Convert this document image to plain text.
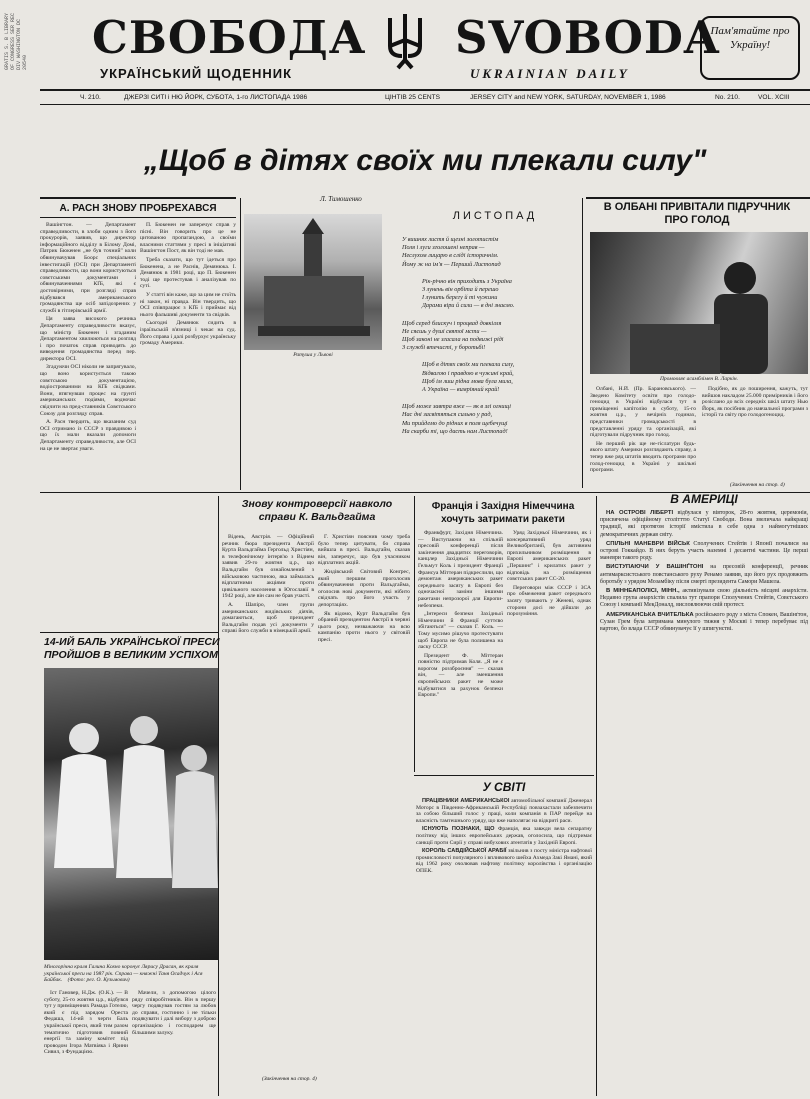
GRATIS S. B LIBRARY OF CONGRESS SER REC DIV WASHINGTON DC 20540	СВОБОДА SVOBODA
УКРАЇНСЬКИЙ ЩОДЕННИК	UKRAINIAN DAILY
Пам'ятайте про Україну!
Ч. 210.	ДЖЕРЗІ СИТІ і НЮ ЙОРК, СУБОТА, 1-го ЛИСТОПАДА 1986	ЦІНТІВ 25 CENTS	JERSEY CITY and NEW YORK, SATURDAY, NOVEMBER 1, 1986	No. 210.	VOL. XCIII
„Щоб в дітях своїх ми плекали силу"
А. РАСН ЗНОВУ ПРОБРЕХАВСЯ

Вашінгтон. — Департамент справедливости, в злоби одним з його прокурорів, заявив, що директор інформаційного відділу в Білому Домі, Патрик Бюкенен „не був точний" коли обвинувачував Боорс спеціальних інвестигацій (ОСІ) при Департаменті справедливости, що вони користуються совєтськими документами і обвинуваченнями КҐБ, які є достовірними, при розгляді справ відбувався американського громадянства ще осіб запідозрених у службі в гітлерівській армії.

Ця заява високого речника Департаменту справедливости вказує, що міністр Бюкенен і згаданим Департаментом хвилюються на розгляд і про початок справ приводять до виведення громадянства перед пер. директора ОСІ.

Згадуючи ОСІ ніколи не запрягувало, що воно користується такою совєтською документацією, водіострованими на КҐБ свідками. Вони, втягнувши процес на грунті американських подіями, водночас свідчити на пред-ставників Совєтського Союзу для розгляду справ.

А. Расн твердить, що вказаним суд ОСІ отримано із СССР з правдивою і що їх мали вказали допомоги Департаменту справедливости, але ОСІ на це не звертає уваги.

П. Бюкенен не заперечує справ у пісні. Він говорить про це не цитованою пропагандою, а своїми власними статтями у пресі в ініціативі Вашінгтон Пост, як він тоді не мав.

Треба сказати, що тут ідеться про Бюкенена, а не Раснів, Демянюка. І. Демянюк в 1981 році, що П. Бюкенен тоді ще протестував і аналізував по суті.

У статті він каже, що за цим не стоїть ні закон, ні правда. Він твердить, що ОСІ співпрацює з КҐБ і приймає від нього фальшиві документи та свідків.

Сьогодні Демянюк сидить в ізраїльській в'язниці і чекає на суд. Його справа і далі розбурхує українську громаду Америки.

Л. Тимошенко
ЛИСТОПАД
Ратуша у Львові
У вишнях листя й щезні золотистім
Поля і луги зголошені неправ —
Неслухом лицарю в сліді історичнім.
Йому ж на ім'я — Перший Листопад
Рік-річно він приходить з Україна
З лунень він орбіта й перешо
І лунить берегу й ті чужини
Дарами віри й сили — в дні знаємо.
Щоб серед блискуч і процвад довкілля
Не сяєшь у душі святої мсти —
Щоб законі не згасала на подвижі ріді
З службі втечисті, у боротьбі!
Щоб в дітях своїх ми плекали силу,
Відвагою і правдою в чужині край,
Щоб ім лиш рідна мова була мила,
А Україна — вимріяний край!
Щоб може завтра вже — як в злі огнищі
Нас дні засвітяться сильно у рад,
Ми прийдемо до рідних в поля щебечущі
На скарби ті, що дасть нам Листопад!
В ОЛБАНІ ПРИВІТАЛИ ПІДРУЧНИК ПРО ГОЛОД
Промовляє асамблімен В. Ларкін.

Олбані, Н.Й. (Пр. Барановського). — Зведено Комітету освіти про голодо-геноцид в Україні відбулася тут в приміщенні капітолію в суботу, 15-го жовтня ц.р., у вечірніх годинах, представники громадськості в представленні уряду та організацій, які підготували підручник про голод.

Не перший рік ще не-гіслатури будь-якого штату Америки розглядають справу, а тепер вже ряд штатів вводить програми про голод-геноцид в Україні у шкільні програми.

Подібно, як до поширення, кажуть, тут вийшов накладом 25.000 примірників і його розіслано до всіх середніх шкіл штату Нью Йорк, як посібник до навчальної програми з історії та світу про голодогеноцид.

(Закінчення на стор. 4)
Знову контроверсії навколо справи К. Вальдгайма

Відень, Австрія. — Офіційний речник бюра президента Австрії Курта Вальдгайма Гергольд Христіян, в телефонічному інтерв'ю з Віднем заявив 29-го жовтня ц.р., що Вальдгайм був ознайомлений з військовою частиною, яка займалась відплатними акціями проти цивільного населення в Югославії в 1942 році, але він сам не брав участі.

А. Шапіро, член групи американських жидівських діячів, домагаються, щоб президент Вальдгайм подав усі документи у справі його служби в німецькій армії.

Г. Христіян пояснив чому треба було тепер цитувати, бо справа вийшла в пресі. Вальдгайм, сказав він, заперечує, що був учасником відплатних акцій.

Жидівський Світовий Конґрес, який першим проголосив обвинувачення проти Вальдгайма, оголосив нові документи, які нібито свідчать про його участь у депортаціях.

Як відомо, Курт Вальдгайм був обраний президентом Австрії в червні цього року, незважаючи на всю кампанію проти нього у світовій пресі.

Франція і Західня Німеччина хочуть затримати ракети

Франкфурт, Західня Німеччина. — Виступаючи на спільній пресовій конференції після закінчення двадцятих переговорів, канцлер Західньої Німеччини Гельмут Коль і президент Франції Франсуа Міттеран підкреслили, що демонтаж американських ракет середнього засягу в Европі без одночасної заміни іншими ракетами непрозорої для Европи-небезпеки.

„Інтереси безпеки Західньої Німеччини й Франції суттєво збігаються" — сказав Г. Коль. — Тому мусимо рішучо протестувати щоб Европа не була полишена на ласку СССР.

Президент Ф. Міттеран повністю підтримав Коля. „Я не є ворогом роззброєння" — сказав він, — але зменшення європейських ракет не може відбуватися за рахунок безпеки Европи."

Уряд Західньої Німеччини, як і консервативний уряд Великобританії, був активним прихильником розміщення в Европі американських ракет „Першинґ" і крилатих ракет у відповідь на розміщення совєтських ракет СС-20.

Переговори між СССР і ЗСА про обмеження ракет середнього засягу тривають у Женеві, однак сторони досі не дійшли до порозуміння.

14-ИЙ БАЛЬ УКРАЇНСЬКОЇ ПРЕСИ ПРОЙШОВ В ВЕЛИКИМ УСПІХОМ
Міногорічна краля Галина Кохно коронує Лярису Драсан, як краля української преси на 1987 рік. Справа — княжні Таня Осадчук і Ася Байбак. (Фото: рег. О. Кузьмович)

Іст Гановер, Н.Дж. (О.К.). — В суботу, 25-го жовтня ц.р., відбувся тут у приміщеннях Рамада Готелю, який є під зарядом Ореста Федаша, 14-ий з черги Баль української преси, який тим разом тематично підготовив повний енергії та заміну комітет під проводом Ігора Матвіяка і Ярини Сивил, з Фундацією.

Мачели, з допомогою цілого ряду співробітників. Він в першу чергу подякував гостям за любов до справи, гостинно і не тільки подякувати і далі вибору з доброю організацією і господарем ще більшими залуку.

(Закінчення на стор. 4)
У СВІТІ

ПРАЦІВНИКИ АМЕРИКАНСЬКОЇ автомобільної компанії Дженерал Моторс в Південно-Африканській Республіці повзахастали забезпечити за собою більший голос у праці, коли компанія в ПАР перейде на власність тамтешнього уряду, що вже наполягає на відкриті раси.

ІСНУЮТЬ ПОЗНАКИ, ЩО Франція, яка завжди вела сепаратну політику від інших европейських держав, оголосила, що підтримає санкції проти Сирії у справі вибухових атентатів у Західній Европі.

КОРОЛЬ САВДІЙСЬКОЇ АРАБІЇ звільнив з посту міністра нафтової промисловості популярного і впливового шейха Ахмеда Закі Ямані, який від 1962 року очолював нафтову політику королівства і організацію ОПЕК.

В АМЕРИЦІ

НА ОСТРОВІ ЛІБЕРТІ відбулася у вівторок, 28-го жовтня, церемонія, присвячена офіційному столітттю Статуї Свободи. Вона звеличала найкращі традиції, які протягом історії вмістила в себе одна з наймогутніших демократичних держав світу.

СПІЛЬНІ МАНЕВРИ ВІЙСЬК Сполучених Стейтів і Японії почалися на острові Гоккайдо. В них беруть участь наземні і десантні частини. Це перші маневри такого роду.

ВИСТУПАЮЧИ У ВАШІНҐТОНІ на пресовій конференції, речник антимарксистського повстанського руху Ренамо заявив, що його рух продовжить боротьбу з урядом Мозамбіку після смерті президента Самори Машела.

В МІННЕАПОЛІСІ, МІНН., активізували свою діяльність місцеві анархісти. Недавно група анархістів спалила тут прапори Сполучених Стейтів, Совєтського Союзу і компанії МекДоналд, висловлюючи свій протест.

АМЕРИКАНСЬКА ВЧИТЕЛЬКА російського роду з міста Спокен, Вашінґтон, Сузан Грем була затримана минулого тижня у Москві і тепер перебуває під вартою, бо влада СССР обвинувачує її у шпигунстві.
